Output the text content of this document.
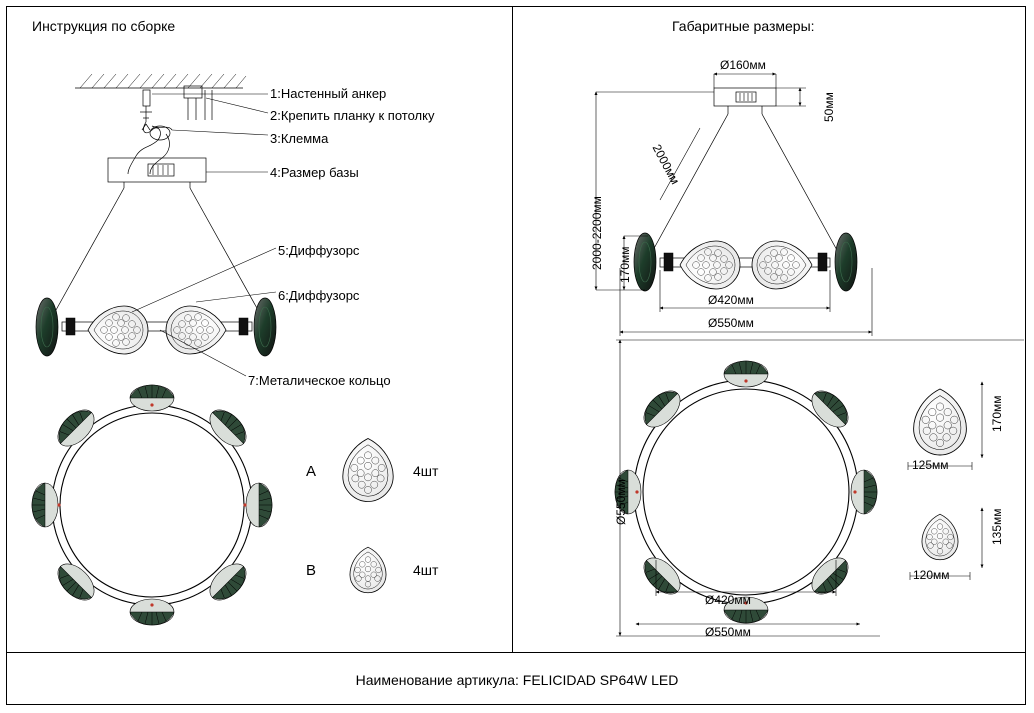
Инструкция по сборке	Габаритные размеры:
1:Настенный анкер
2:Крепить планку к потолку
3:Клемма
4:Размер базы
5:Диффузорс
6:Диффузорс
7:Металическое кольцо
A	4шт
B	4шт
Ø160мм
50мм
2000-2200мм
2000мм
170мм
Ø420мм
Ø550мм
Ø550мм
Ø420мм
Ø550мм
170мм
125мм
135мм
120мм
Наименование артикула: FELICIDAD SP64W LED
